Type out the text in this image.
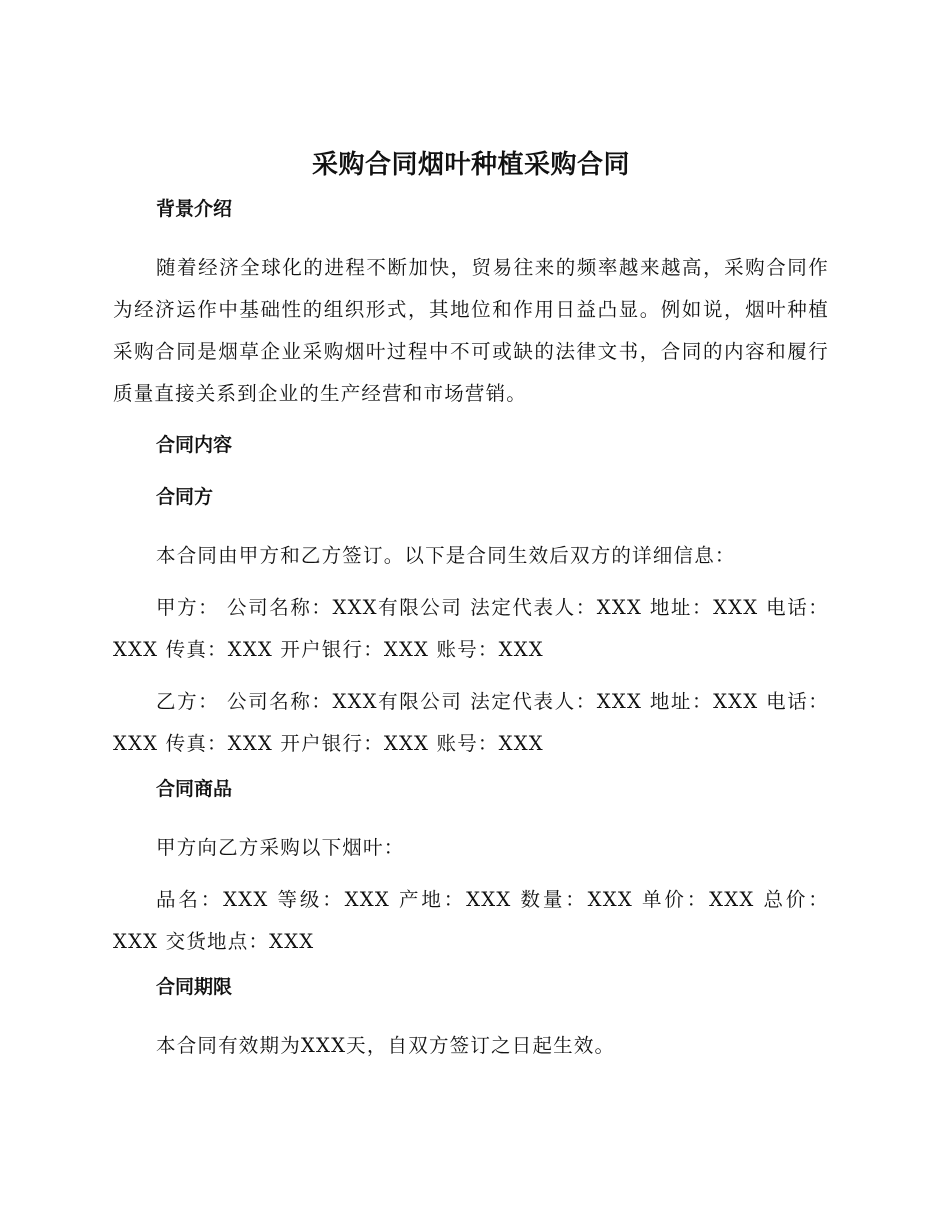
采购合同烟叶种植采购合同
背景介绍

随着经济全球化的进程不断加快，贸易往来的频率越来越高，采购合同作为经济运作中基础性的组织形式，其地位和作用日益凸显。例如说，烟叶种植采购合同是烟草企业采购烟叶过程中不可或缺的法律文书，合同的内容和履行质量直接关系到企业的生产经营和市场营销。

合同内容
合同方

本合同由甲方和乙方签订。以下是合同生效后双方的详细信息：

甲方： 公司名称：XXX有限公司 法定代表人：XXX 地址：XXX 电话：XXX 传真：XXX 开户银行：XXX 账号：XXX

乙方： 公司名称：XXX有限公司 法定代表人：XXX 地址：XXX 电话：XXX 传真：XXX 开户银行：XXX 账号：XXX

合同商品

甲方向乙方采购以下烟叶：

品名：XXX 等级：XXX 产地：XXX 数量：XXX 单价：XXX 总价：XXX 交货地点：XXX

合同期限

本合同有效期为XXX天，自双方签订之日起生效。
